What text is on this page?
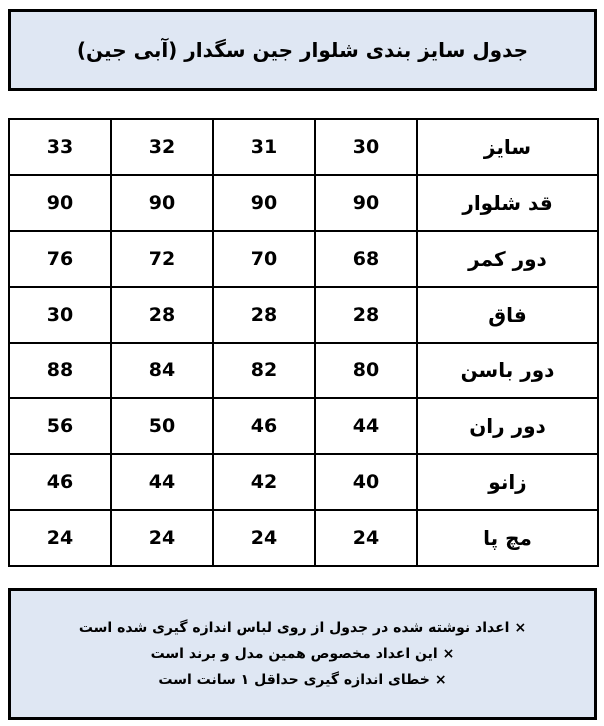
جدول سایز بندی شلوار جین سگدار (آبی جین)
33	32	31	30	سایز
90	90	90	90	قد شلوار
76	72	70	68	دور کمر
30	28	28	28	فاق
88	84	82	80	دور باسن
56	50	46	44	دور ران
46	44	42	40	زانو
24	24	24	24	مچ پا
×اعداد نوشته شده در جدول از روی لباس اندازه گیری شده است
×این اعداد مخصوص همین مدل و برند است
×خطای اندازه گیری حداقل ۱ سانت است
